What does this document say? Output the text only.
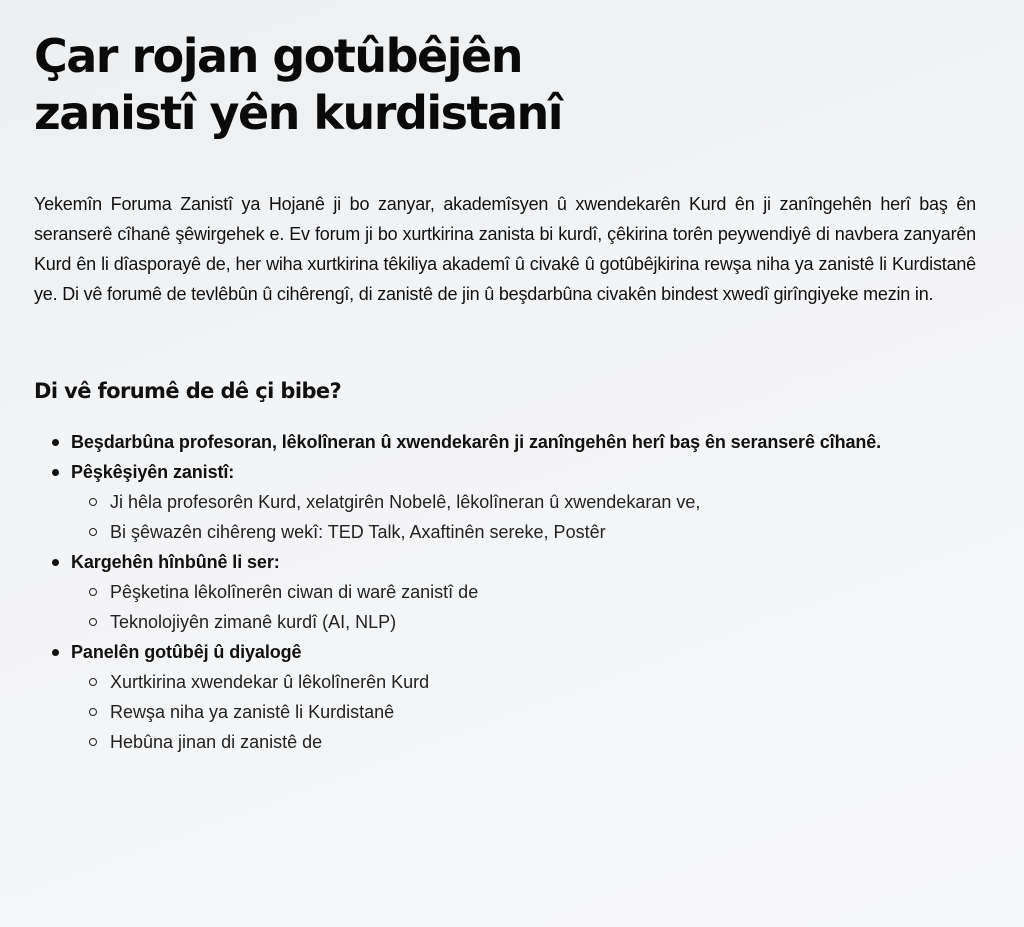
Çar rojan gotûbêjên zanistî yên kurdistanî

Yekemîn Foruma Zanistî ya Hojanê ji bo zanyar, akademîsyen û xwendekarên Kurd ên ji zanîngehên herî baş ên seranserê cîhanê şêwirgehek e. Ev forum ji bo xurtkirina zanista bi kurdî, çêkirina torên peywendiyê di navbera zanyarên Kurd ên li dîasporayê de, her wiha xurtkirina têkiliya akademî û civakê û gotûbêjkirina rewşa niha ya zanistê li Kurdistanê ye. Di vê forumê de tevlêbûn û cihêrengî, di zanistê de jin û beşdarbûna civakên bindest xwedî girîngiyeke mezin in.

Di vê forumê de dê çi bibe?
Beşdarbûna profesoran, lêkolîneran û xwendekarên ji zanîngehên herî baş ên seranserê cîhanê.
Pêşkêşiyên zanistî:
Ji hêla profesorên Kurd, xelatgirên Nobelê, lêkolîneran û xwendekaran ve,
Bi şêwazên cihêreng wekî: TED Talk, Axaftinên sereke, Postêr
Kargehên hînbûnê li ser:
Pêşketina lêkolînerên ciwan di warê zanistî de
Teknolojiyên zimanê kurdî (AI, NLP)
Panelên gotûbêj û diyalogê
Xurtkirina xwendekar û lêkolînerên Kurd
Rewşa niha ya zanistê li Kurdistanê
Hebûna jinan di zanistê de
